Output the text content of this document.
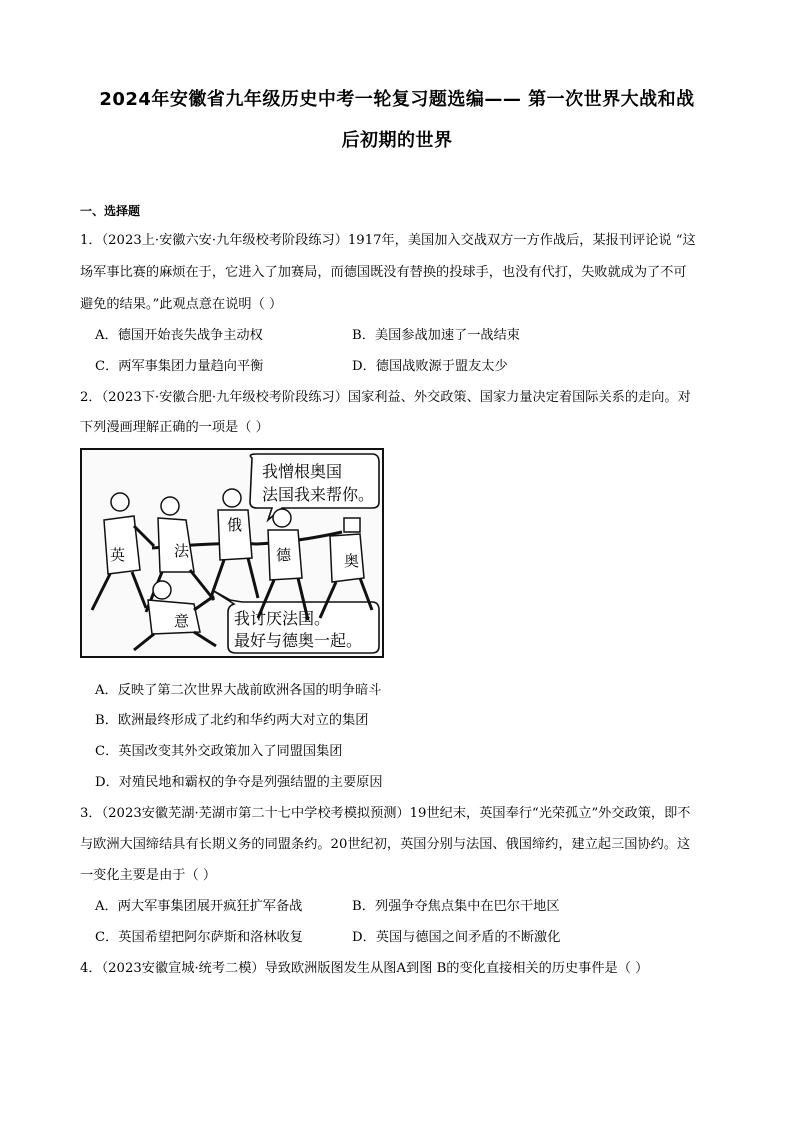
2024年安徽省九年级历史中考一轮复习题选编—— 第一次世界大战和战
后初期的世界
一、选择题
1．（2023上·安徽六安·九年级校考阶段练习）1917年，美国加入交战双方一方作战后，某报刊评论说 “这
场军事比赛的麻烦在于，它进入了加赛局，而德国既没有替换的投球手，也没有代打，失败就成为了不可
避免的结果。”此观点意在说明（ ）
A．德国开始丧失战争主动权	B．美国参战加速了一战结束
C．两军事集团力量趋向平衡	D．德国战败源于盟友太少
2．（2023下·安徽合肥·九年级校考阶段练习）国家利益、外交政策、国家力量决定着国际关系的走向。对
下列漫画理解正确的一项是（ ）
我憎根奥国
法国我来帮你。
我讨厌法国。
最好与德奥一起。
英	法
俄
德	奥
意
A．反映了第二次世界大战前欧洲各国的明争暗斗
B．欧洲最终形成了北约和华约两大对立的集团
C．英国改变其外交政策加入了同盟国集团
D．对殖民地和霸权的争夺是列强结盟的主要原因
3．（2023安徽芜湖·芜湖市第二十七中学校考模拟预测）19世纪末，英国奉行“光荣孤立”外交政策，即不
与欧洲大国缔结具有长期义务的同盟条约。20世纪初，英国分别与法国、俄国缔约，建立起三国协约。这
一变化主要是由于（ ）
A．两大军事集团展开疯狂扩军备战	B．列强争夺焦点集中在巴尔干地区
C．英国希望把阿尔萨斯和洛林收复	D．英国与德国之间矛盾的不断激化
4．（2023安徽宣城·统考二模）导致欧洲版图发生从图A到图 B的变化直接相关的历史事件是（ ）
